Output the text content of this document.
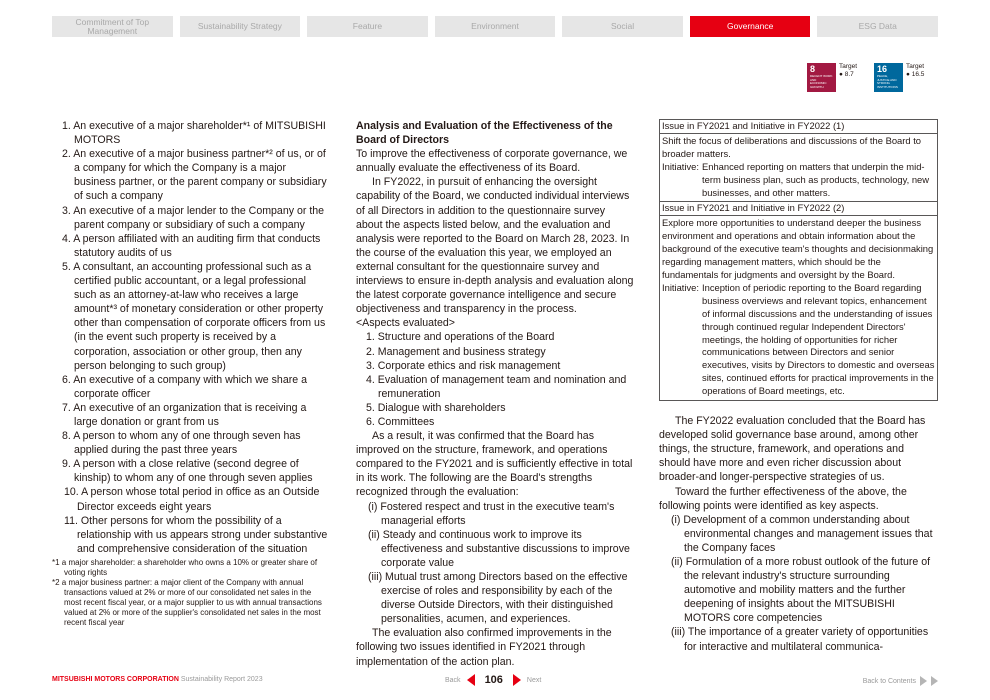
Commitment of Top Management	Sustainability Strategy	Feature	Environment	Social	Governance	ESG Data
8
DECENT WORK AND ECONOMIC GROWTH
Target
● 8.7	16
PEACE, JUSTICE AND STRONG INSTITUTIONS
Target
● 16.5
1. An executive of a major shareholder*¹ of MITSUBISHI MOTORS
2. An executive of a major business partner*² of us, or of a company for which the Company is a major business partner, or the parent company or subsidiary of such a company
3. An executive of a major lender to the Company or the parent company or subsidiary of such a company
4. A person affiliated with an auditing firm that conducts statutory audits of us
5. A consultant, an accounting professional such as a certified public accountant, or a legal professional such as an attorney-at-law who receives a large amount*³ of monetary consideration or other property other than compensation of corporate officers from us (in the event such property is received by a corporation, association or other group, then any person belonging to such group)
6. An executive of a company with which we share a corporate officer
7. An executive of an organization that is receiving a large donation or grant from us
8. A person to whom any of one through seven has applied during the past three years
9. A person with a close relative (second degree of kinship) to whom any of one through seven applies
10. A person whose total period in office as an Outside Director exceeds eight years
11. Other persons for whom the possibility of a relationship with us appears strong under substantive and comprehensive consideration of the situation
*1 a major shareholder: a shareholder who owns a 10% or greater share of voting rights
*2 a major business partner: a major client of the Company with annual transactions valued at 2% or more of our consolidated net sales in the most recent fiscal year, or a major supplier to us with annual transactions valued at 2% or more of the supplier's consolidated net sales in the most recent fiscal year
Analysis and Evaluation of the Effectiveness of the Board of Directors
To improve the effectiveness of corporate governance, we annually evaluate the effectiveness of its Board.
In FY2022, in pursuit of enhancing the oversight capability of the Board, we conducted individual interviews of all Directors in addition to the questionnaire survey about the aspects listed below, and the evaluation and analysis were reported to the Board on March 28, 2023. In the course of the evaluation this year, we employed an external consultant for the questionnaire survey and interviews to ensure in-depth analysis and evaluation along the latest corporate governance intelligence and secure objectiveness and transparency in the process.
<Aspects evaluated>
1. Structure and operations of the Board
2. Management and business strategy
3. Corporate ethics and risk management
4. Evaluation of management team and nomination and remuneration
5. Dialogue with shareholders
6. Committees
As a result, it was confirmed that the Board has improved on the structure, framework, and operations compared to the FY2021 and is sufficiently effective in total in its work. The following are the Board's strengths recognized through the evaluation:
(i) Fostered respect and trust in the executive team's managerial efforts
(ii) Steady and continuous work to improve its effectiveness and substantive discussions to improve corporate value
(iii) Mutual trust among Directors based on the effective exercise of roles and responsibility by each of the diverse Outside Directors, with their distinguished personalities, acumen, and experiences.
The evaluation also confirmed improvements in the following two issues identified in FY2021 through implementation of the action plan.
Issue in FY2021 and Initiative in FY2022 (1)
Shift the focus of deliberations and discussions of the Board to broader matters.
Initiative: Enhanced reporting on matters that underpin the mid-term business plan, such as products, technology, new businesses, and other matters.
Issue in FY2021 and Initiative in FY2022 (2)
Explore more opportunities to understand deeper the business environment and operations and obtain information about the background of the executive team's thoughts and decisionmaking regarding management matters, which should be the fundamentals for judgments and oversight by the Board.
Initiative: Inception of periodic reporting to the Board regarding business overviews and relevant topics, enhancement of informal discussions and the understanding of issues through continued regular Independent Directors' meetings, the holding of opportunities for richer communications between Directors and senior executives, visits by Directors to domestic and overseas sites, continued efforts for practical improvements in the operations of Board meetings, etc.
The FY2022 evaluation concluded that the Board has developed solid governance base around, among other things, the structure, framework, and operations and should have more and even richer discussion about broader-and longer-perspective strategies of us.
Toward the further effectiveness of the above, the following points were identified as key aspects.
(i) Development of a common understanding about environmental changes and management issues that the Company faces
(ii) Formulation of a more robust outlook of the future of the relevant industry's structure surrounding automotive and mobility matters and the further deepening of insights about the MITSUBISHI MOTORS core competencies
(iii) The importance of a greater variety of opportunities for interactive and multilateral communica-
MITSUBISHI MOTORS CORPORATION Sustainability Report 2023	Back 106	Next	Back to Contents
